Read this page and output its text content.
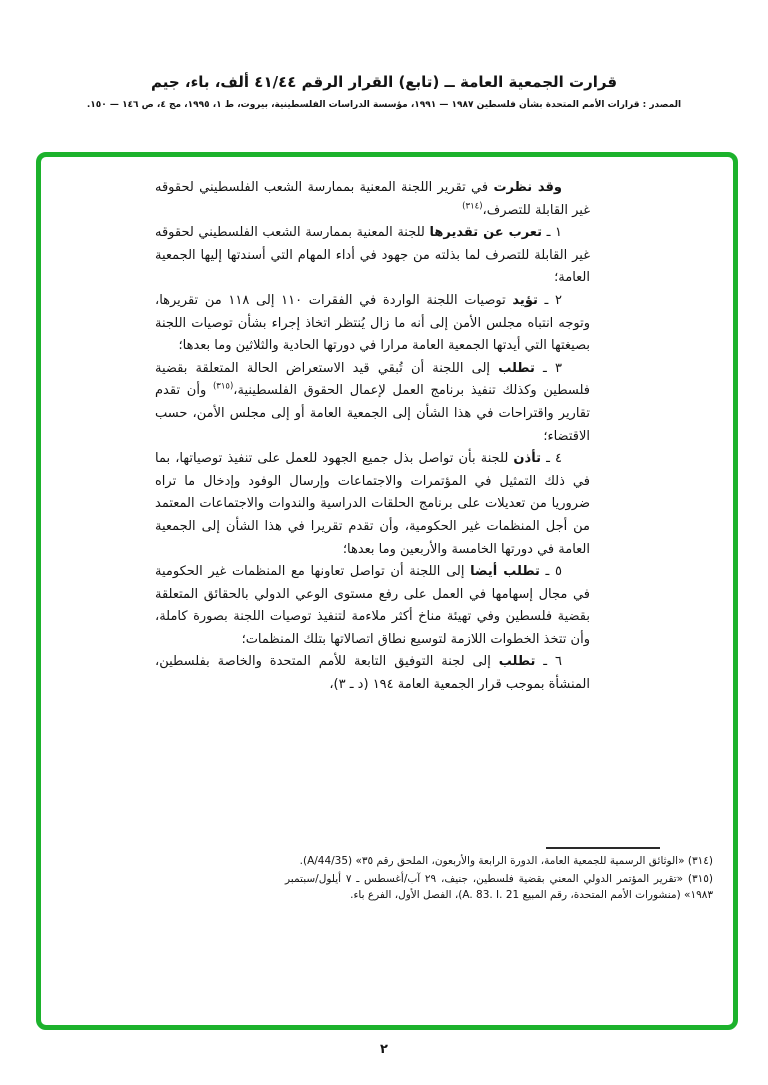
قرارت الجمعية العامة ــ (تابع) القرار الرقم ٤١/٤٤ ألف، باء، جيم
المصدر : قرارات الأمم المتحدة بشأن فلسطين ١٩٨٧ — ١٩٩١، مؤسسة الدراسات الفلسطينية، بيروت، ط ١، ١٩٩٥، مج ٤، ص ١٤٦ — ١٥٠.

وقد نظرت في تقرير اللجنة المعنية بممارسة الشعب الفلسطيني لحقوقه غير القابلة للتصرف،$^{(٣١٤)}$

١ ـ تعرب عن تقديرها للجنة المعنية بممارسة الشعب الفلسطيني لحقوقه غير القابلة للتصرف لما بذلته من جهود في أداء المهام التي أسندتها إليها الجمعية العامة؛

٢ ـ تؤيد توصيات اللجنة الواردة في الفقرات ١١٠ إلى ١١٨ من تقريرها، وتوجه انتباه مجلس الأمن إلى أنه ما زال يُنتظر اتخاذ إجراء بشأن توصيات اللجنة بصيغتها التي أيدتها الجمعية العامة مرارا في دورتها الحادية والثلاثين وما بعدها؛

٣ ـ تطلب إلى اللجنة أن تُبقي قيد الاستعراض الحالة المتعلقة بقضية فلسطين وكذلك تنفيذ برنامج العمل لإعمال الحقوق الفلسطينية،$^{(٣١٥)}$ وأن تقدم تقارير واقتراحات في هذا الشأن إلى الجمعية العامة أو إلى مجلس الأمن، حسب الاقتضاء؛

٤ ـ تأذن للجنة بأن تواصل بذل جميع الجهود للعمل على تنفيذ توصياتها، بما في ذلك التمثيل في المؤتمرات والاجتماعات وإرسال الوفود وإدخال ما تراه ضروريا من تعديلات على برنامج الحلقات الدراسية والندوات والاجتماعات المعتمد من أجل المنظمات غير الحكومية، وأن تقدم تقريرا في هذا الشأن إلى الجمعية العامة في دورتها الخامسة والأربعين وما بعدها؛

٥ ـ تطلب أيضا إلى اللجنة أن تواصل تعاونها مع المنظمات غير الحكومية في مجال إسهامها في العمل على رفع مستوى الوعي الدولي بالحقائق المتعلقة بقضية فلسطين وفي تهيئة مناخ أكثر ملاءمة لتنفيذ توصيات اللجنة بصورة كاملة، وأن تتخذ الخطوات اللازمة لتوسيع نطاق اتصالاتها بتلك المنظمات؛

٦ ـ تطلب إلى لجنة التوفيق التابعة للأمم المتحدة والخاصة بفلسطين، المنشأة بموجب قرار الجمعية العامة ١٩٤ (د ـ ٣)،

(٣١٤) «الوثائق الرسمية للجمعية العامة، الدورة الرابعة والأربعون، الملحق رقم ٣٥» (A/44/35).

(٣١٥) «تقرير المؤتمر الدولي المعني بقضية فلسطين، جنيف، ٢٩ آب/أغسطس ـ ٧ أيلول/سبتمبر ١٩٨٣» (منشورات الأمم المتحدة، رقم المبيع A. 83. I. 21)، الفصل الأول، الفرع باء.

٢
